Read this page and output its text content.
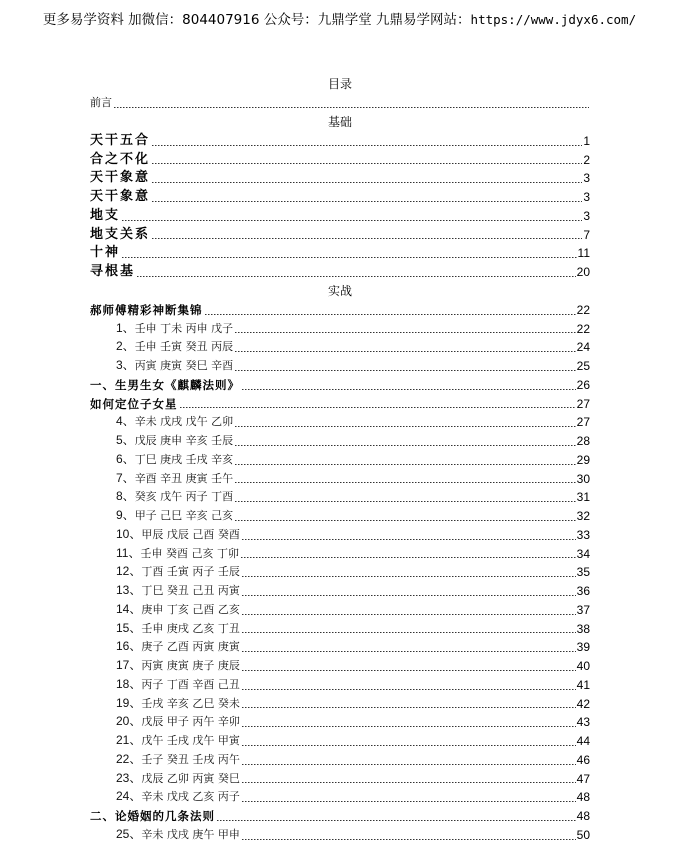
更多易学资料 加微信：804407916 公众号：九鼎学堂 九鼎易学网站：https://www.jdyx6.com/
目录
前言
基础
天干五合	1
合之不化	2
天干象意	3
天干象意	3
地支	3
地支关系	7
十神	11
寻根基	20
实战
郝师傅精彩神断集锦	22
1、壬申 丁未 丙申 戊子	22
2、壬申 壬寅 癸丑 丙辰	24
3、丙寅 庚寅 癸巳 辛酉	25
一、生男生女《麒麟法则》	26
如何定位子女星	27
4、辛未 戊戌 戊午 乙卯	27
5、戊辰 庚申 辛亥 壬辰	28
6、丁巳 庚戌 壬戌 辛亥	29
7、辛酉 辛丑 庚寅 壬午	30
8、癸亥 戊午 丙子 丁酉	31
9、甲子 己巳 辛亥 己亥	32
10、甲辰 戊辰 己酉 癸酉	33
11、壬申 癸酉 己亥 丁卯	34
12、丁酉 壬寅 丙子 壬辰	35
13、丁巳 癸丑 己丑 丙寅	36
14、庚申 丁亥 己酉 乙亥	37
15、壬申 庚戌 乙亥 丁丑	38
16、庚子 乙酉 丙寅 庚寅	39
17、丙寅 庚寅 庚子 庚辰	40
18、丙子 丁酉 辛酉 己丑	41
19、壬戌 辛亥 乙巳 癸未	42
20、戊辰 甲子 丙午 辛卯	43
21、戊午 壬戌 戊午 甲寅	44
22、壬子 癸丑 壬戌 丙午	46
23、戊辰 乙卯 丙寅 癸巳	47
24、辛未 戊戌 乙亥 丙子	48
二、论婚姻的几条法则	48
25、辛未 戊戌 庚午 甲申	50
